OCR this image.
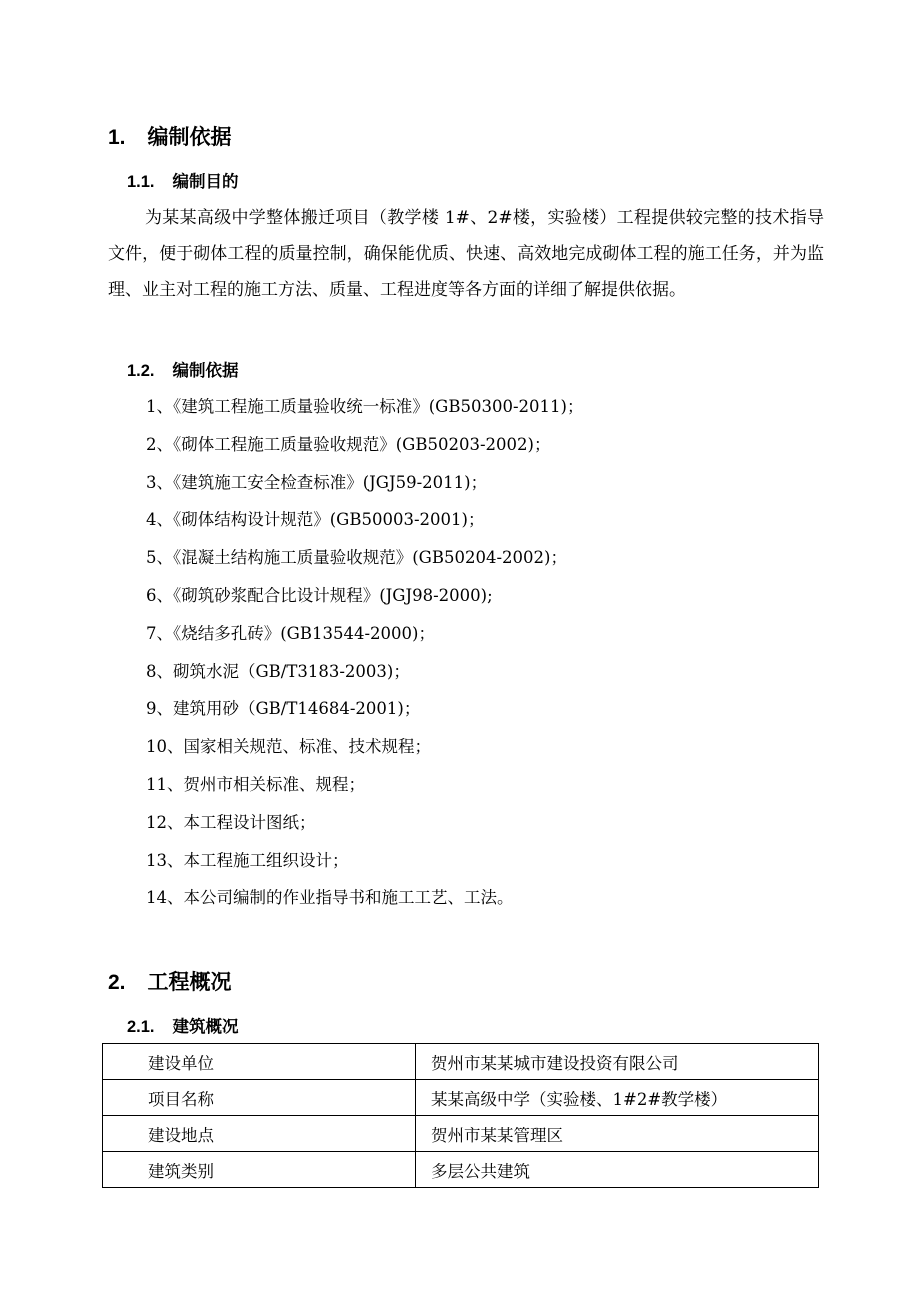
1. 编制依据
1.1. 编制目的

为某某高级中学整体搬迁项目（教学楼 1#、2#楼，实验楼）工程提供较完整的技术指导文件，便于砌体工程的质量控制，确保能优质、快速、高效地完成砌体工程的施工任务，并为监理、业主对工程的施工方法、质量、工程进度等各方面的详细了解提供依据。

1.2. 编制依据
1、《建筑工程施工质量验收统一标准》(GB50300-2011)；
2、《砌体工程施工质量验收规范》(GB50203-2002)；
3、《建筑施工安全检查标准》(JGJ59-2011)；
4、《砌体结构设计规范》(GB50003-2001)；
5、《混凝土结构施工质量验收规范》(GB50204-2002)；
6、《砌筑砂浆配合比设计规程》(JGJ98-2000);
7、《烧结多孔砖》(GB13544-2000)；
8、砌筑水泥（GB/T3183-2003)；
9、建筑用砂（GB/T14684-2001)；
10、国家相关规范、标准、技术规程；
11、贺州市相关标准、规程；
12、本工程设计图纸；
13、本工程施工组织设计；
14、本公司编制的作业指导书和施工工艺、工法。
2. 工程概况
2.1. 建筑概况
建设单位	贺州市某某城市建设投资有限公司
项目名称	某某高级中学（实验楼、1#2#教学楼）
建设地点	贺州市某某管理区
建筑类别	多层公共建筑
